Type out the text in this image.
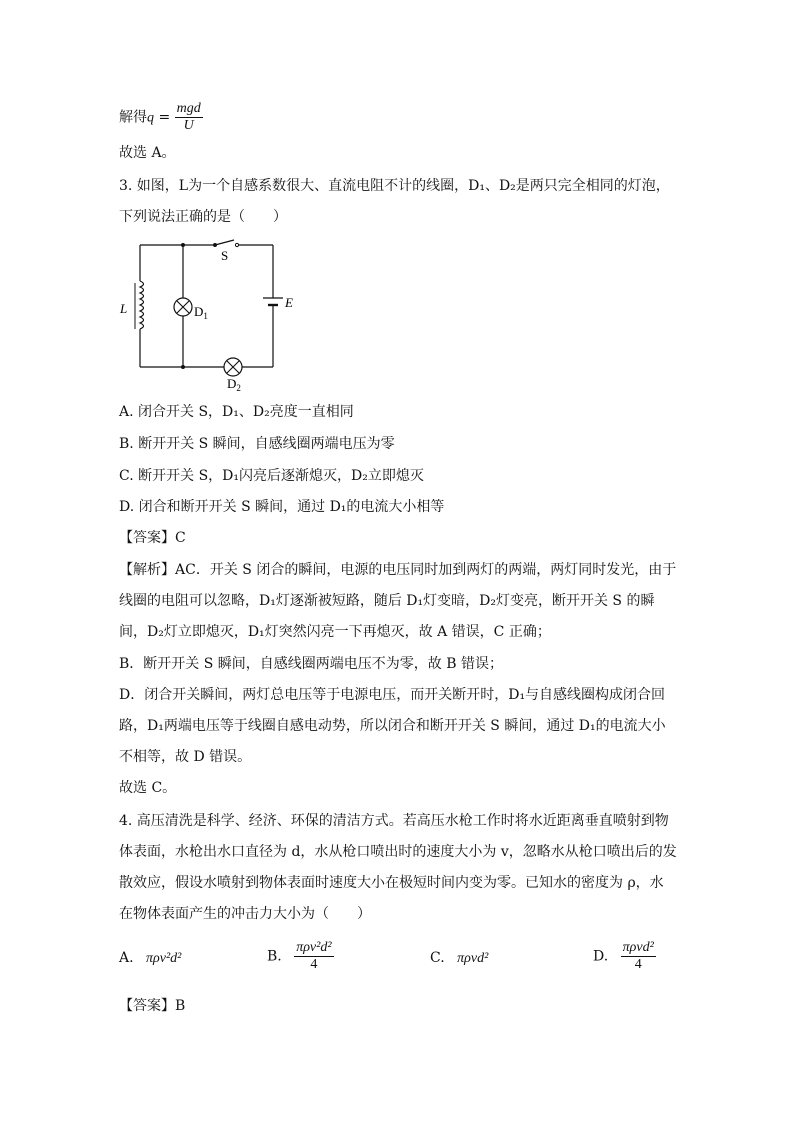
解得$q = \frac{\text{mgd}}{U}$
故选 A。
3. 如图，L为一个自感系数很大、直流电阻不计的线圈，D₁、D₂是两只完全相同的灯泡，
下列说法正确的是（　　）
S
E
$D_2$
L	$D_1$
A. 闭合开关 S，D₁、D₂亮度一直相同
B. 断开开关 S 瞬间，自感线圈两端电压为零
C. 断开开关 S，D₁闪亮后逐渐熄灭，D₂立即熄灭
D. 闭合和断开开关 S 瞬间，通过 D₁的电流大小相等
【答案】C
【解析】AC．开关 S 闭合的瞬间，电源的电压同时加到两灯的两端，两灯同时发光，由于
线圈的电阻可以忽略，D₁灯逐渐被短路，随后 D₁灯变暗，D₂灯变亮，断开开关 S 的瞬
间，D₂灯立即熄灭，D₁灯突然闪亮一下再熄灭，故 A 错误，C 正确；
B．断开开关 S 瞬间，自感线圈两端电压不为零，故 B 错误；
D．闭合开关瞬间，两灯总电压等于电源电压，而开关断开时，D₁与自感线圈构成闭合回
路，D₁两端电压等于线圈自感电动势，所以闭合和断开开关 S 瞬间，通过 D₁的电流大小
不相等，故 D 错误。
故选 C。
4. 高压清洗是科学、经济、环保的清洁方式。若高压水枪工作时将水近距离垂直喷射到物
体表面，水枪出水口直径为 d，水从枪口喷出时的速度大小为 v，忽略水从枪口喷出后的发
散效应，假设水喷射到物体表面时速度大小在极短时间内变为零。已知水的密度为 ρ，水
在物体表面产生的冲击力大小为（　　）
A. πρv²d²	B. $\frac{\text{πρv²d²}}{4}$	C. πρvd²	D. $\frac{\text{πρvd²}}{4}$
【答案】B
